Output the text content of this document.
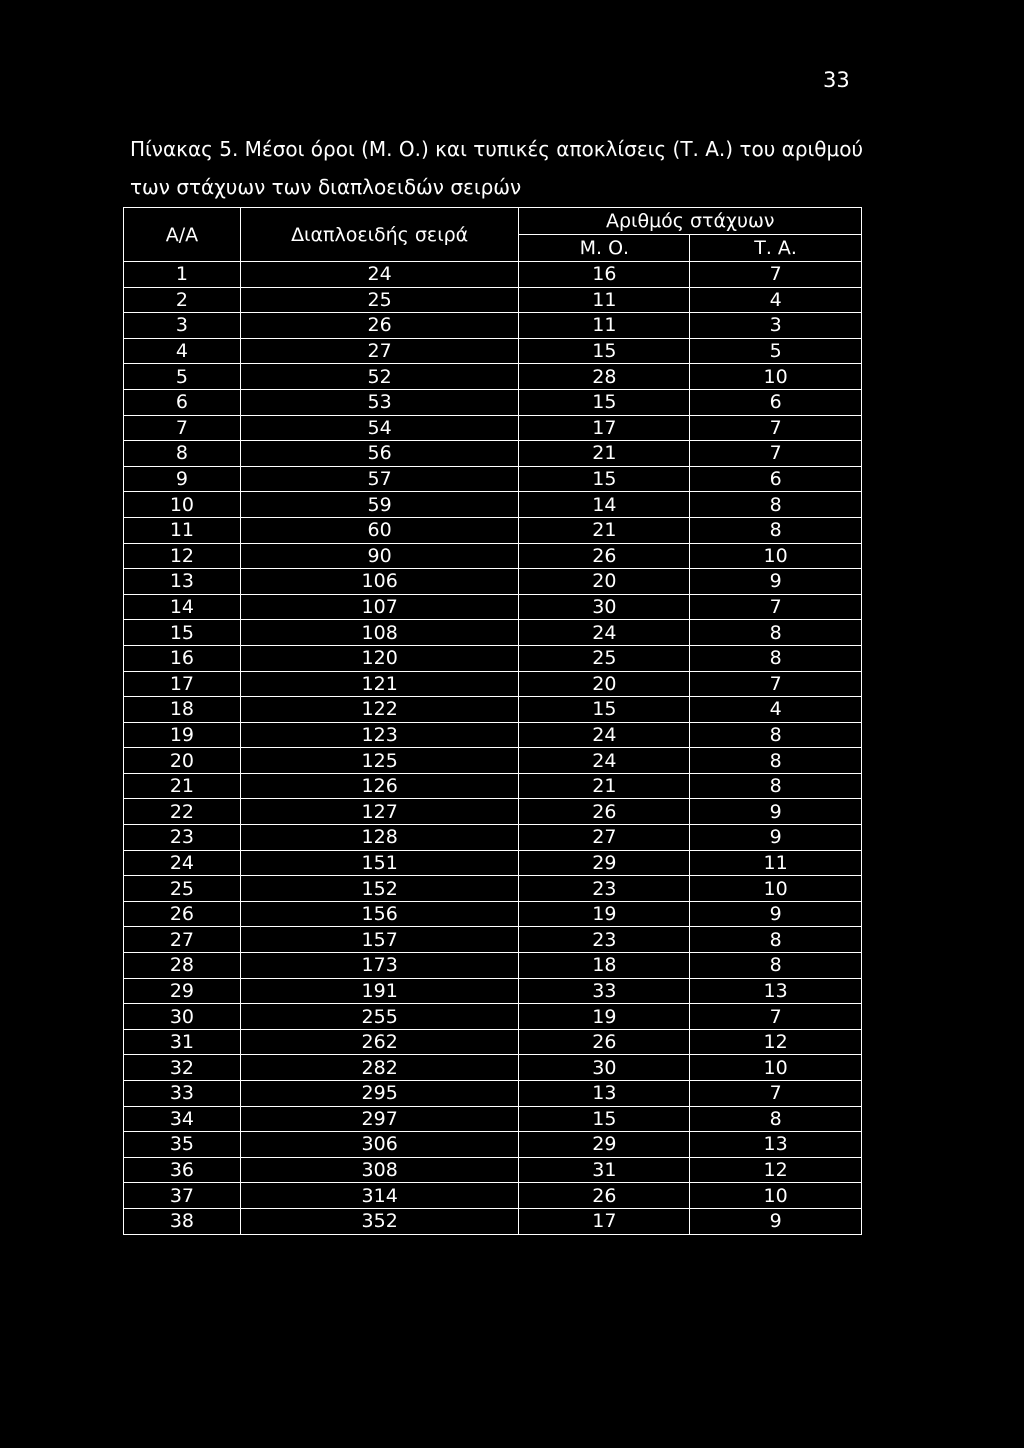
33
Πίνακας 5. Μέσοι όροι (Μ. Ο.) και τυπικές αποκλίσεις (Τ. Α.) του αριθμού των στάχυων των διαπλοειδών σειρών
Α/Α	Διαπλοειδής σειρά	Αριθμός στάχυων	
		Μ. Ο.	Τ. Α.
1	24	16	7
2	25	11	4
3	26	11	3
4	27	15	5
5	52	28	10
6	53	15	6
7	54	17	7
8	56	21	7
9	57	15	6
10	59	14	8
11	60	21	8
12	90	26	10
13	106	20	9
14	107	30	7
15	108	24	8
16	120	25	8
17	121	20	7
18	122	15	4
19	123	24	8
20	125	24	8
21	126	21	8
22	127	26	9
23	128	27	9
24	151	29	11
25	152	23	10
26	156	19	9
27	157	23	8
28	173	18	8
29	191	33	13
30	255	19	7
31	262	26	12
32	282	30	10
33	295	13	7
34	297	15	8
35	306	29	13
36	308	31	12
37	314	26	10
38	352	17	9
